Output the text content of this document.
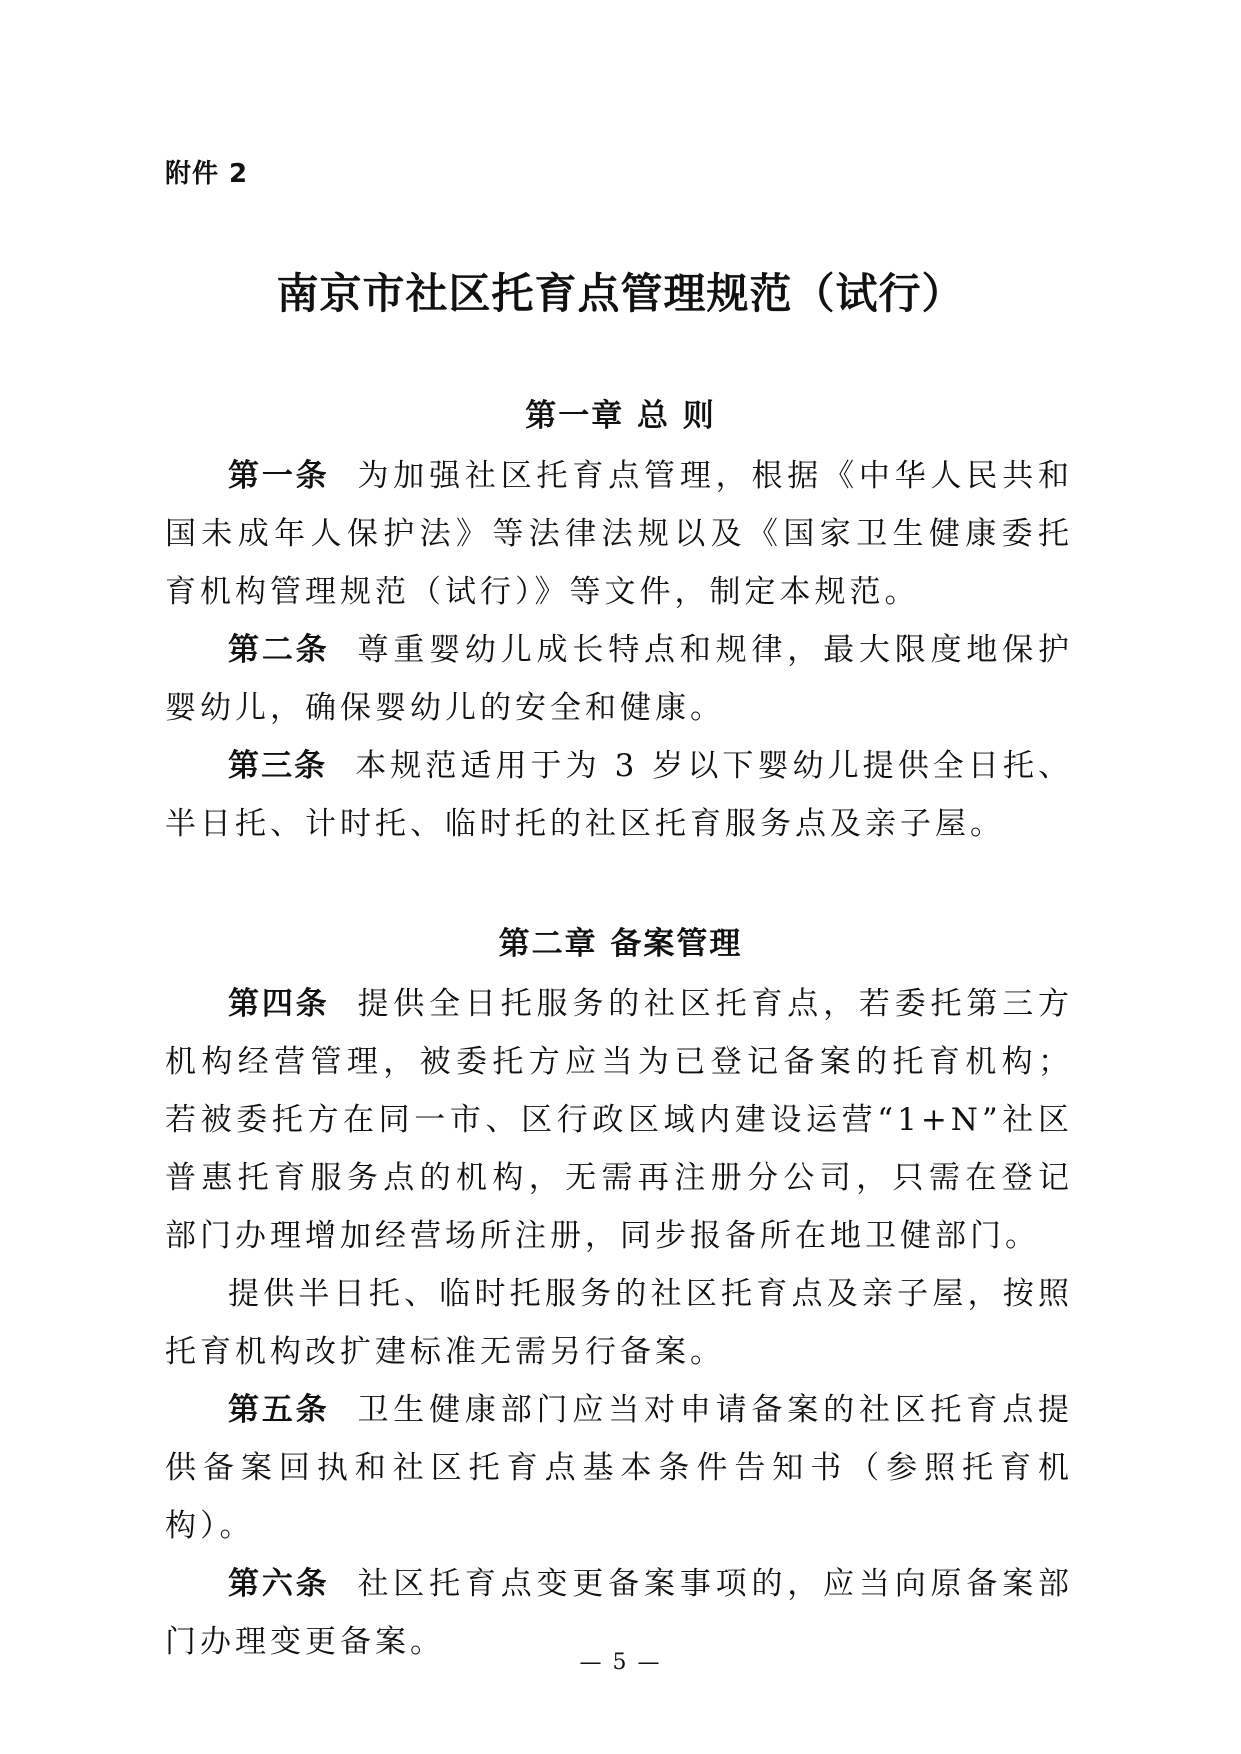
附件 2
南京市社区托育点管理规范（试行）
第一章 总 则

第一条 为加强社区托育点管理，根据《中华人民共和国未成年人保护法》等法律法规以及《国家卫生健康委托育机构管理规范（试行）》等文件，制定本规范。

第二条 尊重婴幼儿成长特点和规律，最大限度地保护婴幼儿，确保婴幼儿的安全和健康。

第三条 本规范适用于为 3 岁以下婴幼儿提供全日托、半日托、计时托、临时托的社区托育服务点及亲子屋。

第二章 备案管理

第四条 提供全日托服务的社区托育点，若委托第三方机构经营管理，被委托方应当为已登记备案的托育机构；若被委托方在同一市、区行政区域内建设运营“1+N”社区普惠托育服务点的机构，无需再注册分公司，只需在登记部门办理增加经营场所注册，同步报备所在地卫健部门。

提供半日托、临时托服务的社区托育点及亲子屋，按照托育机构改扩建标准无需另行备案。

第五条 卫生健康部门应当对申请备案的社区托育点提供备案回执和社区托育点基本条件告知书（参照托育机构）。

第六条 社区托育点变更备案事项的，应当向原备案部门办理变更备案。

— 5 —
